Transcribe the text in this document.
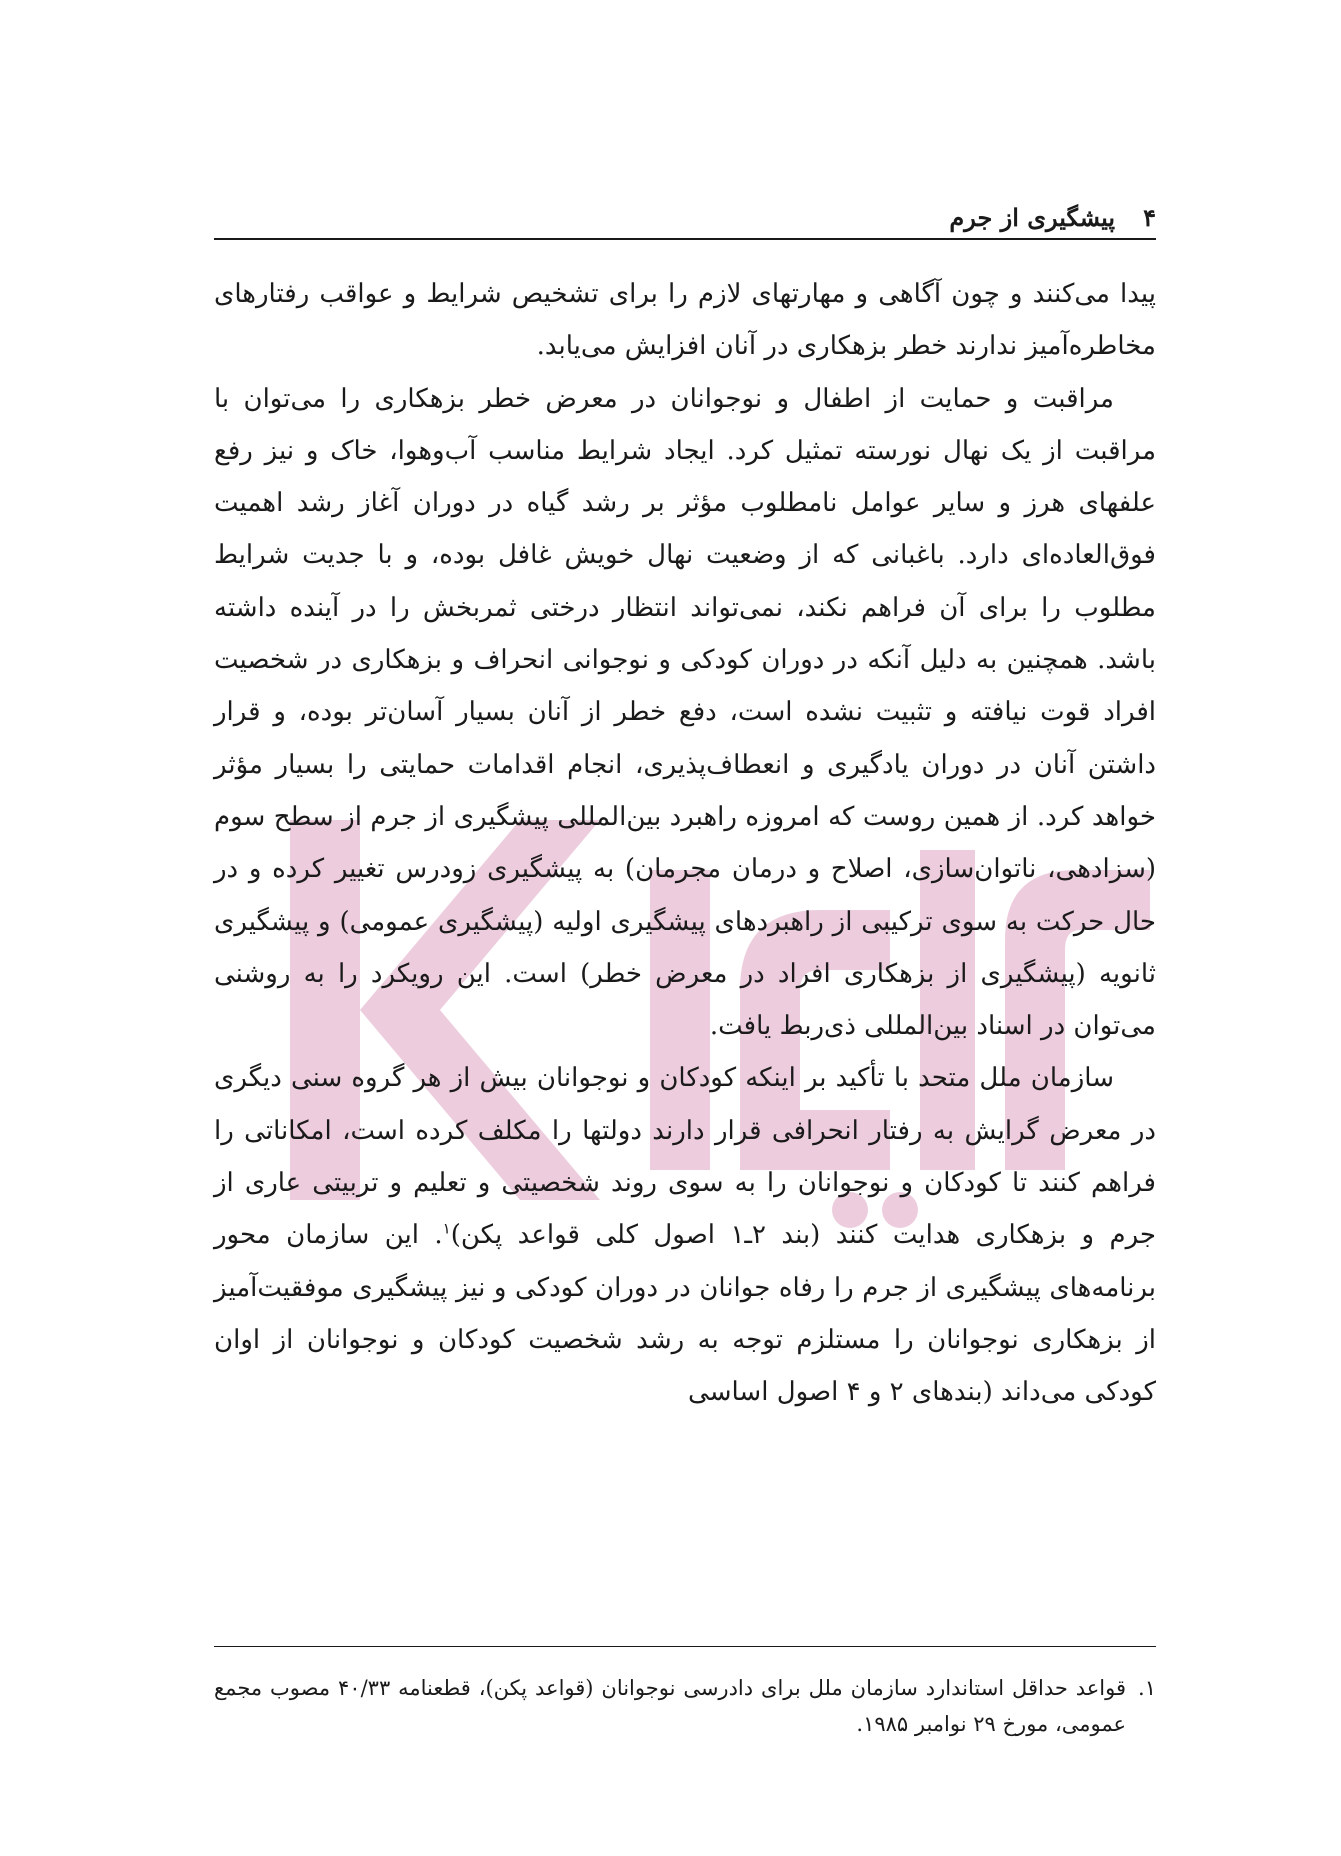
۴
پیشگیری از جرم

پیدا می‌کنند و چون آگاهی و مهارتهای لازم را برای تشخیص شرایط و عواقب رفتارهای مخاطره‌آمیز ندارند خطر بزهکاری در آنان افزایش می‌یابد.

مراقبت و حمایت از اطفال و نوجوانان در معرض خطر بزهکاری را می‌توان با مراقبت از یک نهال نورسته تمثیل کرد. ایجاد شرایط مناسب آب‌وهوا، خاک و نیز رفع علفهای هرز و سایر عوامل نامطلوب مؤثر بر رشد گیاه در دوران آغاز رشد اهمیت فوق‌العاده‌ای دارد. باغبانی که از وضعیت نهال خویش غافل بوده، و با جدیت شرایط مطلوب را برای آن فراهم نکند، نمی‌تواند انتظار درختی ثمربخش را در آینده داشته باشد. همچنین به دلیل آنکه در دوران کودکی و نوجوانی انحراف و بزهکاری در شخصیت افراد قوت نیافته و تثبیت نشده است، دفع خطر از آنان بسیار آسان‌تر بوده، و قرار داشتن آنان در دوران یادگیری و انعطاف‌پذیری، انجام اقدامات حمایتی را بسیار مؤثر خواهد کرد. از همین روست که امروزه راهبرد بین‌المللی پیشگیری از جرم از سطح سوم (سزادهی، ناتوان‌سازی، اصلاح و درمان مجرمان) به پیشگیری زودرس تغییر کرده و در حال حرکت به سوی ترکیبی از راهبردهای پیشگیری اولیه (پیشگیری عمومی) و پیشگیری ثانویه (پیشگیری از بزهکاری افراد در معرض خطر) است. این رویکرد را به روشنی می‌توان در اسناد بین‌المللی ذی‌ربط یافت.

سازمان ملل متحد با تأکید بر اینکه کودکان و نوجوانان بیش از هر گروه سنی دیگری در معرض گرایش به رفتار انحرافی قرار دارند دولتها را مکلف کرده است، امکاناتی را فراهم کنند تا کودکان و نوجوانان را به سوی روند شخصیتی و تعلیم و تربیتی عاری از جرم و بزهکاری هدایت کنند (بند ۲ـ۱ اصول کلی قواعد پکن)$^۱$. این سازمان محور برنامه‌های پیشگیری از جرم را رفاه جوانان در دوران کودکی و نیز پیشگیری موفقیت‌آمیز از بزهکاری نوجوانان را مستلزم توجه به رشد شخصیت کودکان و نوجوانان از اوان کودکی می‌داند (بندهای ۲ و ۴ اصول اساسی

۱.
قواعد حداقل استاندارد سازمان ملل برای دادرسی نوجوانان (قواعد پکن)، قطعنامه ۴۰/۳۳ مصوب مجمع عمومی، مورخ ۲۹ نوامبر ۱۹۸۵.
